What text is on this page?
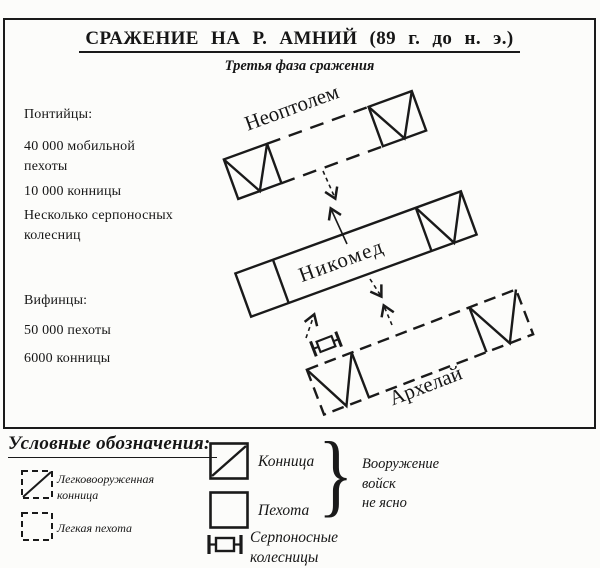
СРАЖЕНИЕ НА Р. АМНИЙ (89 г. до н. э.)
Третья фаза сражения
Понтийцы:
40 000 мобильной пехоты
10 000 конницы
Несколько серпоносных колесниц
Вифинцы:
50 000 пехоты
6000 конницы
Неоптолем
Никомед
Архелай
Условные обозначения:
Легковооруженная конница
Легкая пехота
Конница
Пехота
Серпоносные колесницы
} Вооружение
войск
не ясно
